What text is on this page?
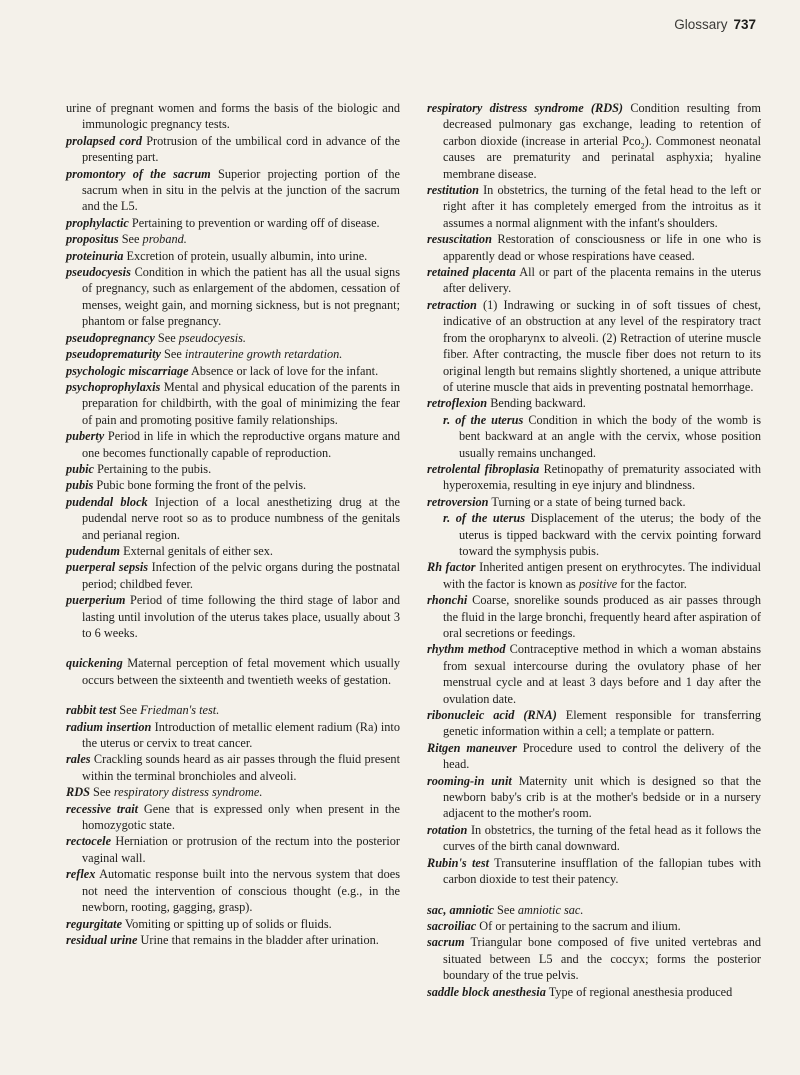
Glossary 737

urine of pregnant women and forms the basis of the biologic and immunologic pregnancy tests.

prolapsed cord Protrusion of the umbilical cord in advance of the presenting part.

promontory of the sacrum Superior projecting portion of the sacrum when in situ in the pelvis at the junction of the sacrum and the L5.

prophylactic Pertaining to prevention or warding off of disease.

propositus See proband.

proteinuria Excretion of protein, usually albumin, into urine.

pseudocyesis Condition in which the patient has all the usual signs of pregnancy, such as enlargement of the abdomen, cessation of menses, weight gain, and morning sickness, but is not pregnant; phantom or false pregnancy.

pseudopregnancy See pseudocyesis.

pseudoprematurity See intrauterine growth retardation.

psychologic miscarriage Absence or lack of love for the infant.

psychoprophylaxis Mental and physical education of the parents in preparation for childbirth, with the goal of minimizing the fear of pain and promoting positive family relationships.

puberty Period in life in which the reproductive organs mature and one becomes functionally capable of reproduction.

pubic Pertaining to the pubis.

pubis Pubic bone forming the front of the pelvis.

pudendal block Injection of a local anesthetizing drug at the pudendal nerve root so as to produce numbness of the genitals and perianal region.

pudendum External genitals of either sex.

puerperal sepsis Infection of the pelvic organs during the postnatal period; childbed fever.

puerperium Period of time following the third stage of labor and lasting until involution of the uterus takes place, usually about 3 to 6 weeks.

quickening Maternal perception of fetal movement which usually occurs between the sixteenth and twentieth weeks of gestation.

rabbit test See Friedman's test.

radium insertion Introduction of metallic element radium (Ra) into the uterus or cervix to treat cancer.

rales Crackling sounds heard as air passes through the fluid present within the terminal bronchioles and alveoli.

RDS See respiratory distress syndrome.

recessive trait Gene that is expressed only when present in the homozygotic state.

rectocele Herniation or protrusion of the rectum into the posterior vaginal wall.

reflex Automatic response built into the nervous system that does not need the intervention of conscious thought (e.g., in the newborn, rooting, gagging, grasp).

regurgitate Vomiting or spitting up of solids or fluids.

residual urine Urine that remains in the bladder after urination.

respiratory distress syndrome (RDS) Condition resulting from decreased pulmonary gas exchange, leading to retention of carbon dioxide (increase in arterial Pco$_2$). Commonest neonatal causes are prematurity and perinatal asphyxia; hyaline membrane disease.

restitution In obstetrics, the turning of the fetal head to the left or right after it has completely emerged from the introitus as it assumes a normal alignment with the infant's shoulders.

resuscitation Restoration of consciousness or life in one who is apparently dead or whose respirations have ceased.

retained placenta All or part of the placenta remains in the uterus after delivery.

retraction (1) Indrawing or sucking in of soft tissues of chest, indicative of an obstruction at any level of the respiratory tract from the oropharynx to alveoli. (2) Retraction of uterine muscle fiber. After contracting, the muscle fiber does not return to its original length but remains slightly shortened, a unique attribute of uterine muscle that aids in preventing postnatal hemorrhage.

retroflexion Bending backward.

r. of the uterus Condition in which the body of the womb is bent backward at an angle with the cervix, whose position usually remains unchanged.

retrolental fibroplasia Retinopathy of prematurity associated with hyperoxemia, resulting in eye injury and blindness.

retroversion Turning or a state of being turned back.

r. of the uterus Displacement of the uterus; the body of the uterus is tipped backward with the cervix pointing forward toward the symphysis pubis.

Rh factor Inherited antigen present on erythrocytes. The individual with the factor is known as positive for the factor.

rhonchi Coarse, snorelike sounds produced as air passes through the fluid in the large bronchi, frequently heard after aspiration of oral secretions or feedings.

rhythm method Contraceptive method in which a woman abstains from sexual intercourse during the ovulatory phase of her menstrual cycle and at least 3 days before and 1 day after the ovulation date.

ribonucleic acid (RNA) Element responsible for transferring genetic information within a cell; a template or pattern.

Ritgen maneuver Procedure used to control the delivery of the head.

rooming-in unit Maternity unit which is designed so that the newborn baby's crib is at the mother's bedside or in a nursery adjacent to the mother's room.

rotation In obstetrics, the turning of the fetal head as it follows the curves of the birth canal downward.

Rubin's test Transuterine insufflation of the fallopian tubes with carbon dioxide to test their patency.

sac, amniotic See amniotic sac.

sacroiliac Of or pertaining to the sacrum and ilium.

sacrum Triangular bone composed of five united vertebras and situated between L5 and the coccyx; forms the posterior boundary of the true pelvis.

saddle block anesthesia Type of regional anesthesia produced
